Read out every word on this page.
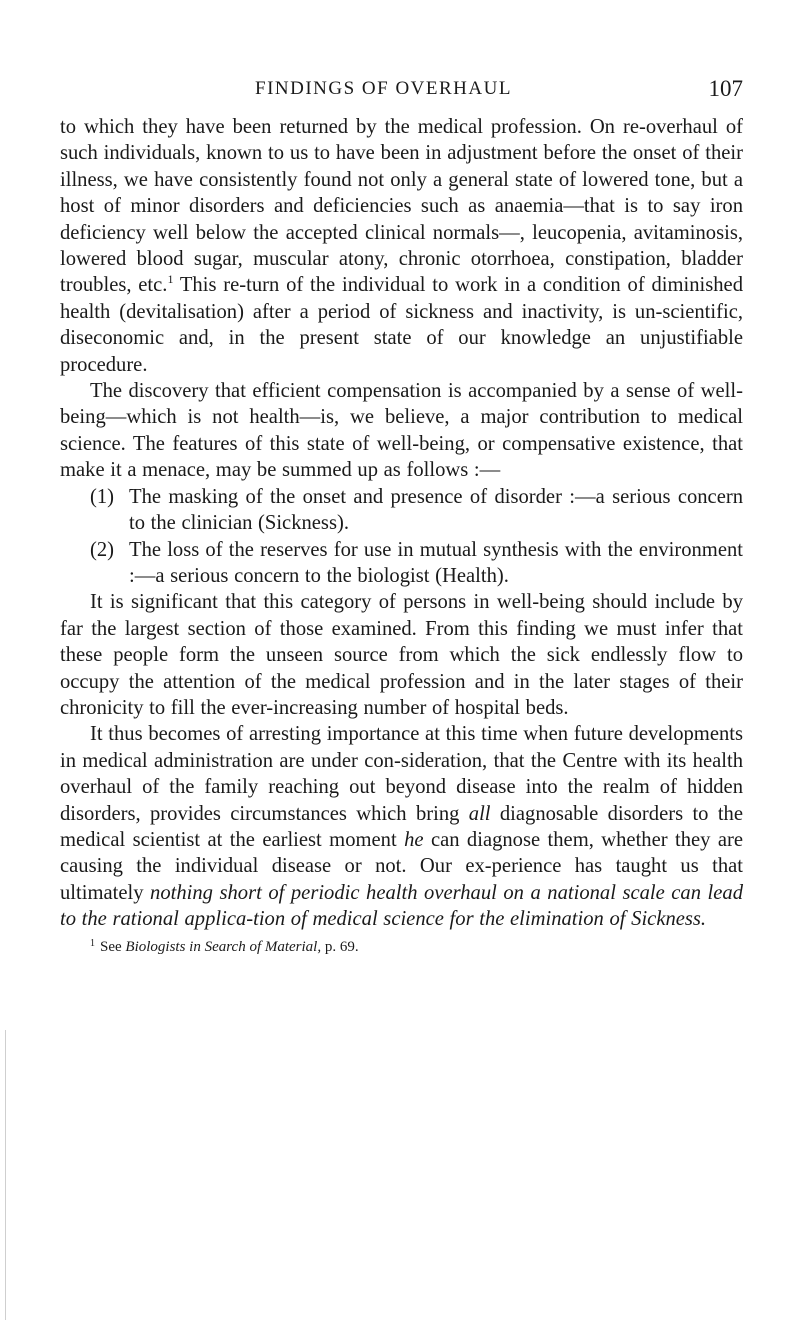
FINDINGS OF OVERHAUL	107

to which they have been returned by the medical profession. On re-overhaul of such individuals, known to us to have been in adjustment before the onset of their illness, we have consistently found not only a general state of lowered tone, but a host of minor disorders and deficiencies such as anaemia—that is to say iron deficiency well below the accepted clinical normals—, leucopenia, avitaminosis, lowered blood sugar, muscular atony, chronic otorrhoea, constipation, bladder troubles, etc.$^1$ This re-turn of the individual to work in a condition of diminished health (devitalisation) after a period of sickness and inactivity, is un-scientific, diseconomic and, in the present state of our knowledge an unjustifiable procedure.

The discovery that efficient compensation is accompanied by a sense of well-being—which is not health—is, we believe, a major contribution to medical science. The features of this state of well-being, or compensative existence, that make it a menace, may be summed up as follows :—

(1) The masking of the onset and presence of disorder :—a serious concern to the clinician (Sickness).
(2) The loss of the reserves for use in mutual synthesis with the environment :—a serious concern to the biologist (Health).

It is significant that this category of persons in well-being should include by far the largest section of those examined. From this finding we must infer that these people form the unseen source from which the sick endlessly flow to occupy the attention of the medical profession and in the later stages of their chronicity to fill the ever-increasing number of hospital beds.

It thus becomes of arresting importance at this time when future developments in medical administration are under con-sideration, that the Centre with its health overhaul of the family reaching out beyond disease into the realm of hidden disorders, provides circumstances which bring all diagnosable disorders to the medical scientist at the earliest moment he can diagnose them, whether they are causing the individual disease or not. Our ex-perience has taught us that ultimately nothing short of periodic health overhaul on a national scale can lead to the rational applica-tion of medical science for the elimination of Sickness.

$^1$ See Biologists in Search of Material, p. 69.
